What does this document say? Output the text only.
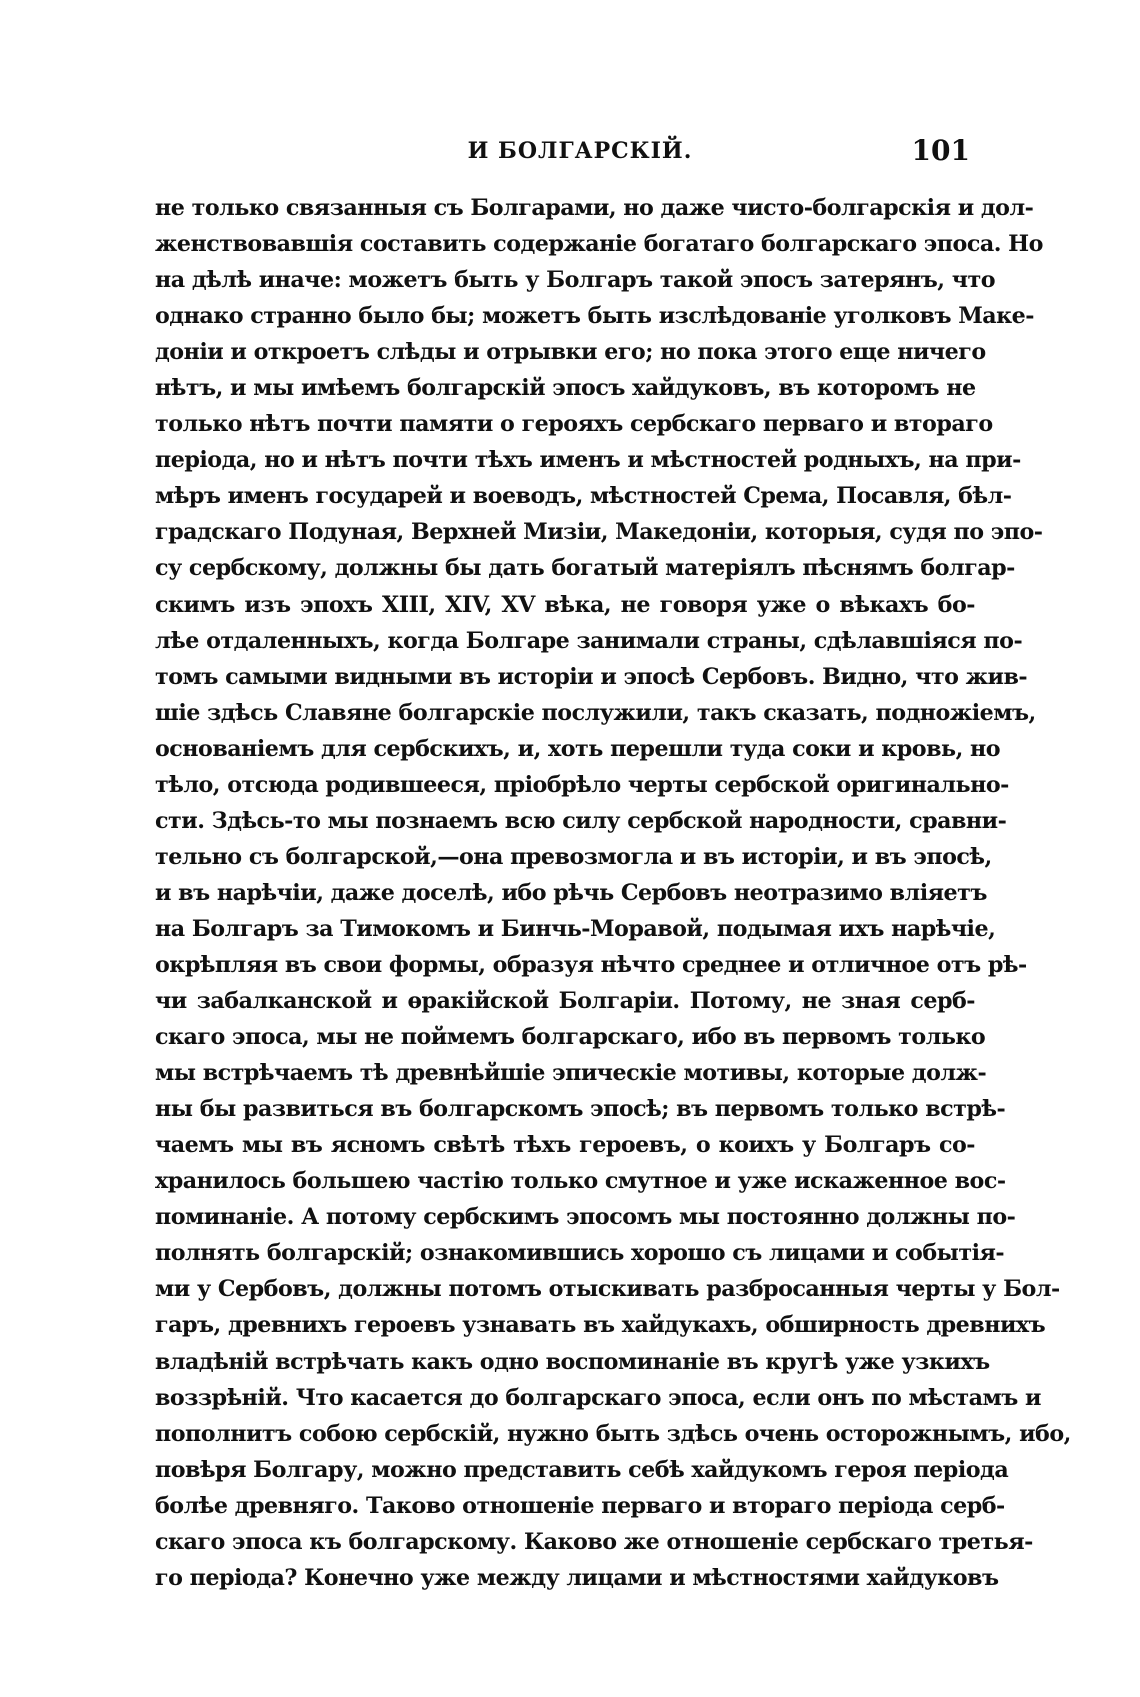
И БОЛГАРСКІЙ.	101
не только связанныя съ Болгарами, но даже чисто-болгарскія и дол-
женствовавшія составить содержаніе богатаго болгарскаго эпоса. Но
на дѣлѣ иначе: можетъ быть у Болгаръ такой эпосъ затерянъ, что
однако странно было бы; можетъ быть изслѣдованіе уголковъ Маке-
доніи и откроетъ слѣды и отрывки его; но пока этого еще ничего
нѣтъ, и мы имѣемъ болгарскій эпосъ хайдуковъ, въ которомъ не
только нѣтъ почти памяти о герояхъ сербскаго перваго и втораго
періода, но и нѣтъ почти тѣхъ именъ и мѣстностей родныхъ, на при-
мѣръ именъ государей и воеводъ, мѣстностей Срема, Посавля, бѣл-
градскаго Подуная, Верхней Мизіи, Македоніи, которыя, судя по эпо-
су сербскому, должны бы дать богатый матеріялъ пѣснямъ болгар-
скимъ изъ эпохъ XIII, XIV, XV вѣка, не говоря уже о вѣкахъ бо-
лѣе отдаленныхъ, когда Болгаре занимали страны, сдѣлавшіяся по-
томъ самыми видными въ исторіи и эпосѣ Сербовъ. Видно, что жив-
шіе здѣсь Славяне болгарскіе послужили, такъ сказать, подножіемъ,
основаніемъ для сербскихъ, и, хоть перешли туда соки и кровь, но
тѣло, отсюда родившееся, пріобрѣло черты сербской оригинально-
сти. Здѣсь-то мы познаемъ всю силу сербской народности, сравни-
тельно съ болгарской,—она превозмогла и въ исторіи, и въ эпосѣ,
и въ нарѣчіи, даже доселѣ, ибо рѣчь Сербовъ неотразимо вліяетъ
на Болгаръ за Тимокомъ и Бинчь-Моравой, подымая ихъ нарѣчіе,
окрѣпляя въ свои формы, образуя нѣчто среднее и отличное отъ рѣ-
чи забалканской и ѳракійской Болгаріи. Потому, не зная серб-
скаго эпоса, мы не поймемъ болгарскаго, ибо въ первомъ только
мы встрѣчаемъ тѣ древнѣйшіе эпическіе мотивы, которые долж-
ны бы развиться въ болгарскомъ эпосѣ; въ первомъ только встрѣ-
чаемъ мы въ ясномъ свѣтѣ тѣхъ героевъ, о коихъ у Болгаръ со-
хранилось большею частію только смутное и уже искаженное вос-
поминаніе. А потому сербскимъ эпосомъ мы постоянно должны по-
полнять болгарскій; ознакомившись хорошо съ лицами и событія-
ми у Сербовъ, должны потомъ отыскивать разбросанныя черты у Бол-
гаръ, древнихъ героевъ узнавать въ хайдукахъ, обширность древнихъ
владѣній встрѣчать какъ одно воспоминаніе въ кругѣ уже узкихъ
воззрѣній. Что касается до болгарскаго эпоса, если онъ по мѣстамъ и
пополнитъ собою сербскій, нужно быть здѣсь очень осторожнымъ, ибо,
повѣря Болгару, можно представить себѣ хайдукомъ героя періода
болѣе древняго. Таково отношеніе перваго и втораго періода серб-
скаго эпоса къ болгарскому. Каково же отношеніе сербскаго третья-
го періода? Конечно уже между лицами и мѣстностями хайдуковъ
